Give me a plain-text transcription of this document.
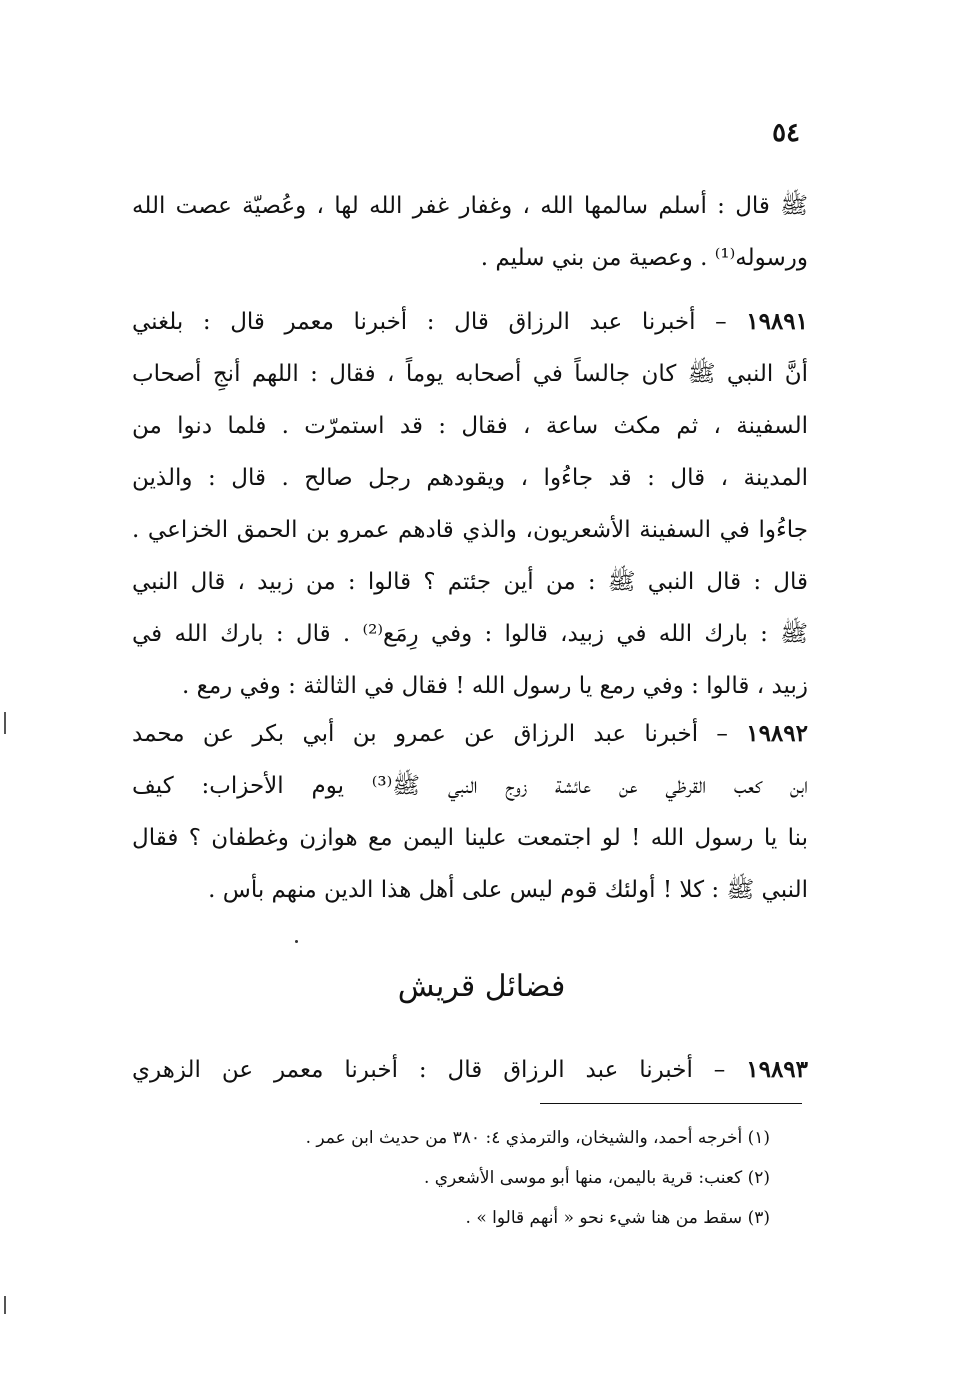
٥٤
ﷺ قال : أسلم سالمها الله ، وغفار غفر الله لها ، وعُصيّة عصت الله
ورسوله⁽¹⁾ . وعصية من بني سليم .
١٩٨٩١ – أخبرنا عبد الرزاق قال : أخبرنا معمر قال : بلغني
أنَّ النبي ﷺ كان جالساً في أصحابه يوماً ، فقال : اللهم أنجِ أصحاب
السفينة ، ثم مكث ساعة ، فقال : قد استمرّت . فلما دنوا من
المدينة ، قال : قد جاءُوا ، ويقودهم رجل صالح . قال : والذين
جاءُوا في السفينة الأشعريون، والذي قادهم عمرو بن الحمق الخزاعي .
قال : قال النبي ﷺ : من أين جئتم ؟ قالوا : من زبيد ، قال النبي
ﷺ : بارك الله في زبيد، قالوا : وفي رِمَع⁽²⁾ . قال : بارك الله في
زبيد ، قالوا : وفي رمع يا رسول الله ! فقال في الثالثة : وفي رمع .
١٩٨٩٢ – أخبرنا عبد الرزاق عن عمرو بن أبي بكر عن محمد
ابن كعب القرظي عن عائشة زوج النبي ﷺ⁽³⁾ يوم الأحزاب: كيف
بنا يا رسول الله ! لو اجتمعت علينا اليمن مع هوازن وغطفان ؟ فقال
النبي ﷺ : كلا ! أولئك قوم ليس على أهل هذا الدين منهم بأس .
فضائل قريش
١٩٨٩٣ – أخبرنا عبد الرزاق قال : أخبرنا معمر عن الزهري
(١) أخرجه أحمد، والشيخان، والترمذي ٤: ٣٨٠ من حديث ابن عمر .
(٢) كعنب: قرية باليمن، منها أبو موسى الأشعري .
(٣) سقط من هنا شيء نحو « أنهم قالوا » .
